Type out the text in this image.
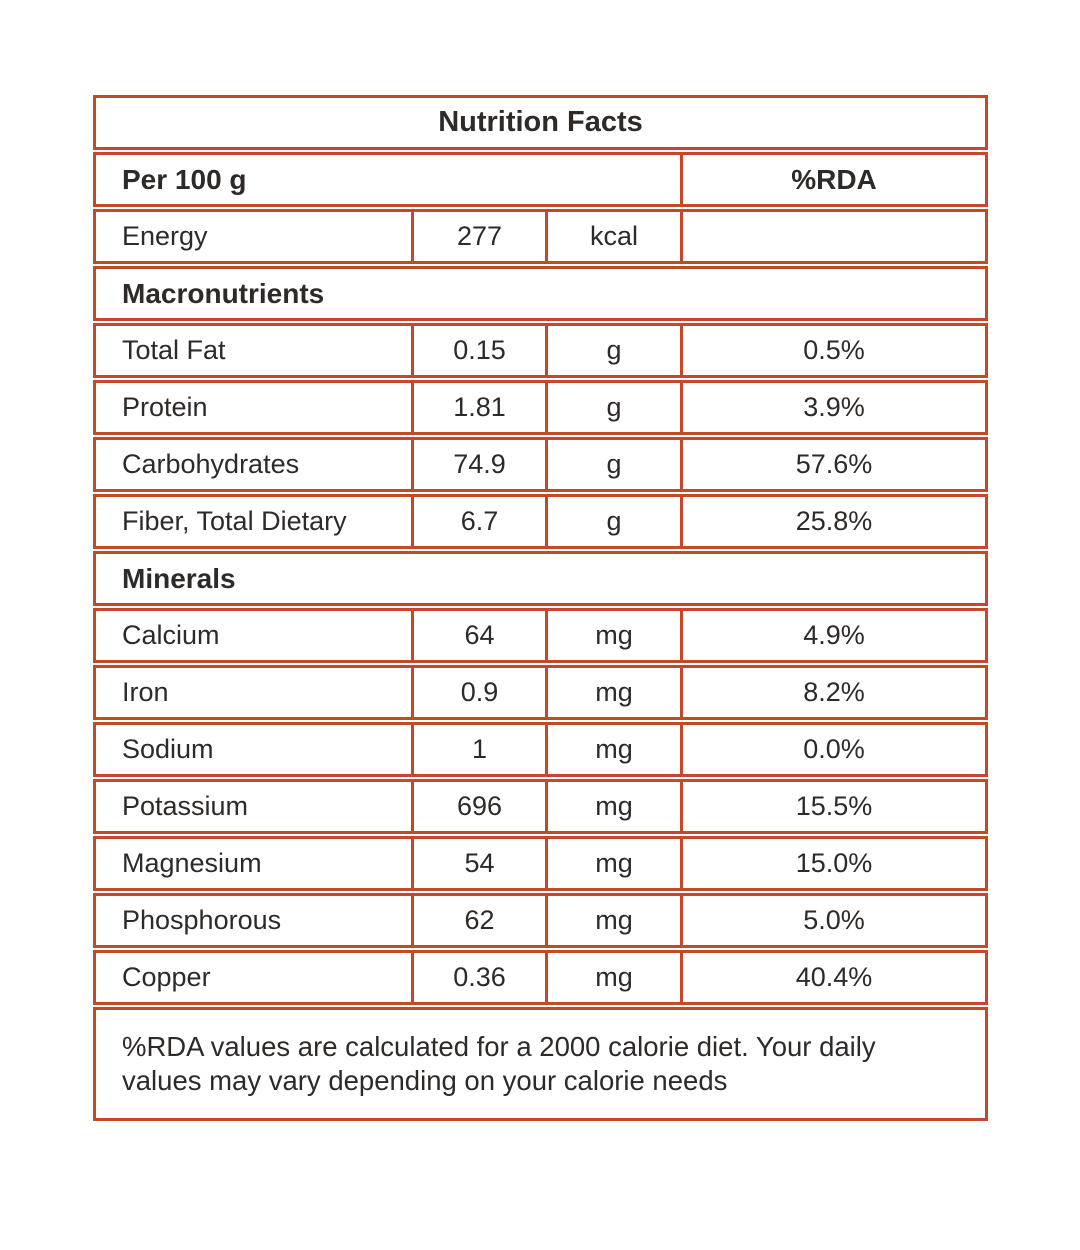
Nutrition Facts
Per 100 g	%RDA
Energy	277	kcal
Macronutrients
Total Fat	0.15	g	0.5%
Protein	1.81	g	3.9%
Carbohydrates	74.9	g	57.6%
Fiber, Total Dietary	6.7	g	25.8%
Minerals
Calcium	64	mg	4.9%
Iron	0.9	mg	8.2%
Sodium	1	mg	0.0%
Potassium	696	mg	15.5%
Magnesium	54	mg	15.0%
Phosphorous	62	mg	5.0%
Copper	0.36	mg	40.4%
%RDA values are calculated for a 2000 calorie diet. Your daily values may vary depending on your calorie needs
